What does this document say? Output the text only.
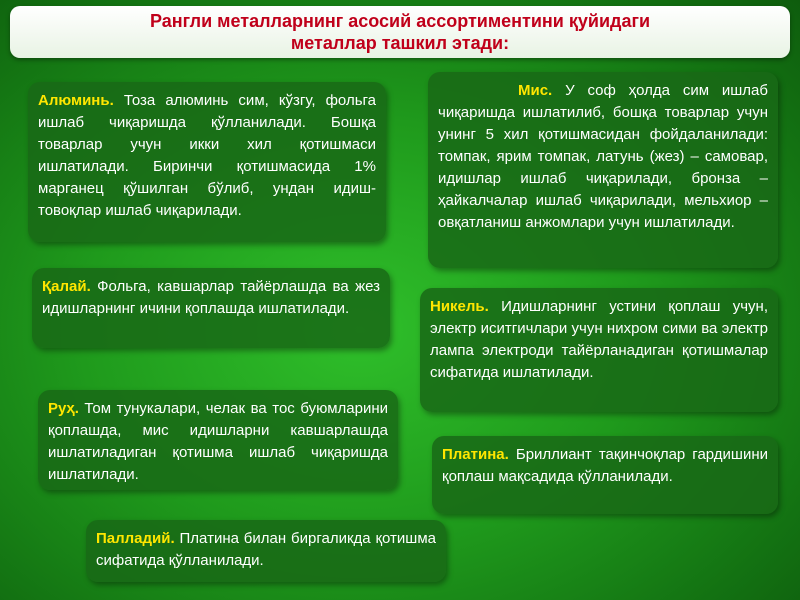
Рангли металларнинг асосий ассортиментини қуйидаги
металлар ташкил этади:
Алюминь. Тоза алюминь сим, кўзгу, фольга ишлаб чиқаришда қўлланилади. Бошқа товарлар учун икки хил қотишмаси ишлатилади. Биринчи қотишмасида 1% марганец қўшилган бўлиб, ундан идиш-товоқлар ишлаб чиқарилади.
Мис. У соф ҳолда сим ишлаб чиқаришда ишлатилиб, бошқа товарлар учун унинг 5 хил қотишмасидан фойдаланилади: томпак, ярим томпак, латунь (жез) – самовар, идишлар ишлаб чиқарилади, бронза – ҳайкалчалар ишлаб чиқарилади, мельхиор – овқатланиш анжомлари учун ишлатилади.
Қалай. Фольга, кавшарлар тайёрлашда ва жез идишларнинг ичини қоплашда ишлатилади.	Никель. Идишларнинг устини қоплаш учун, электр иситгичлари учун нихром сими ва электр лампа электроди тайёрланадиган қотишмалар сифатида ишлатилади.
Руҳ. Том тунукалари, челак ва тос буюмларини қоплашда, мис идишларни кавшарлашда ишлатиладиган қотишма ишлаб чиқаришда ишлатилади.
Платина. Бриллиант тақинчоқлар гардишини қоплаш мақсадида қўлланилади.
Палладий. Платина билан биргаликда қотишма сифатида қўлланилади.
